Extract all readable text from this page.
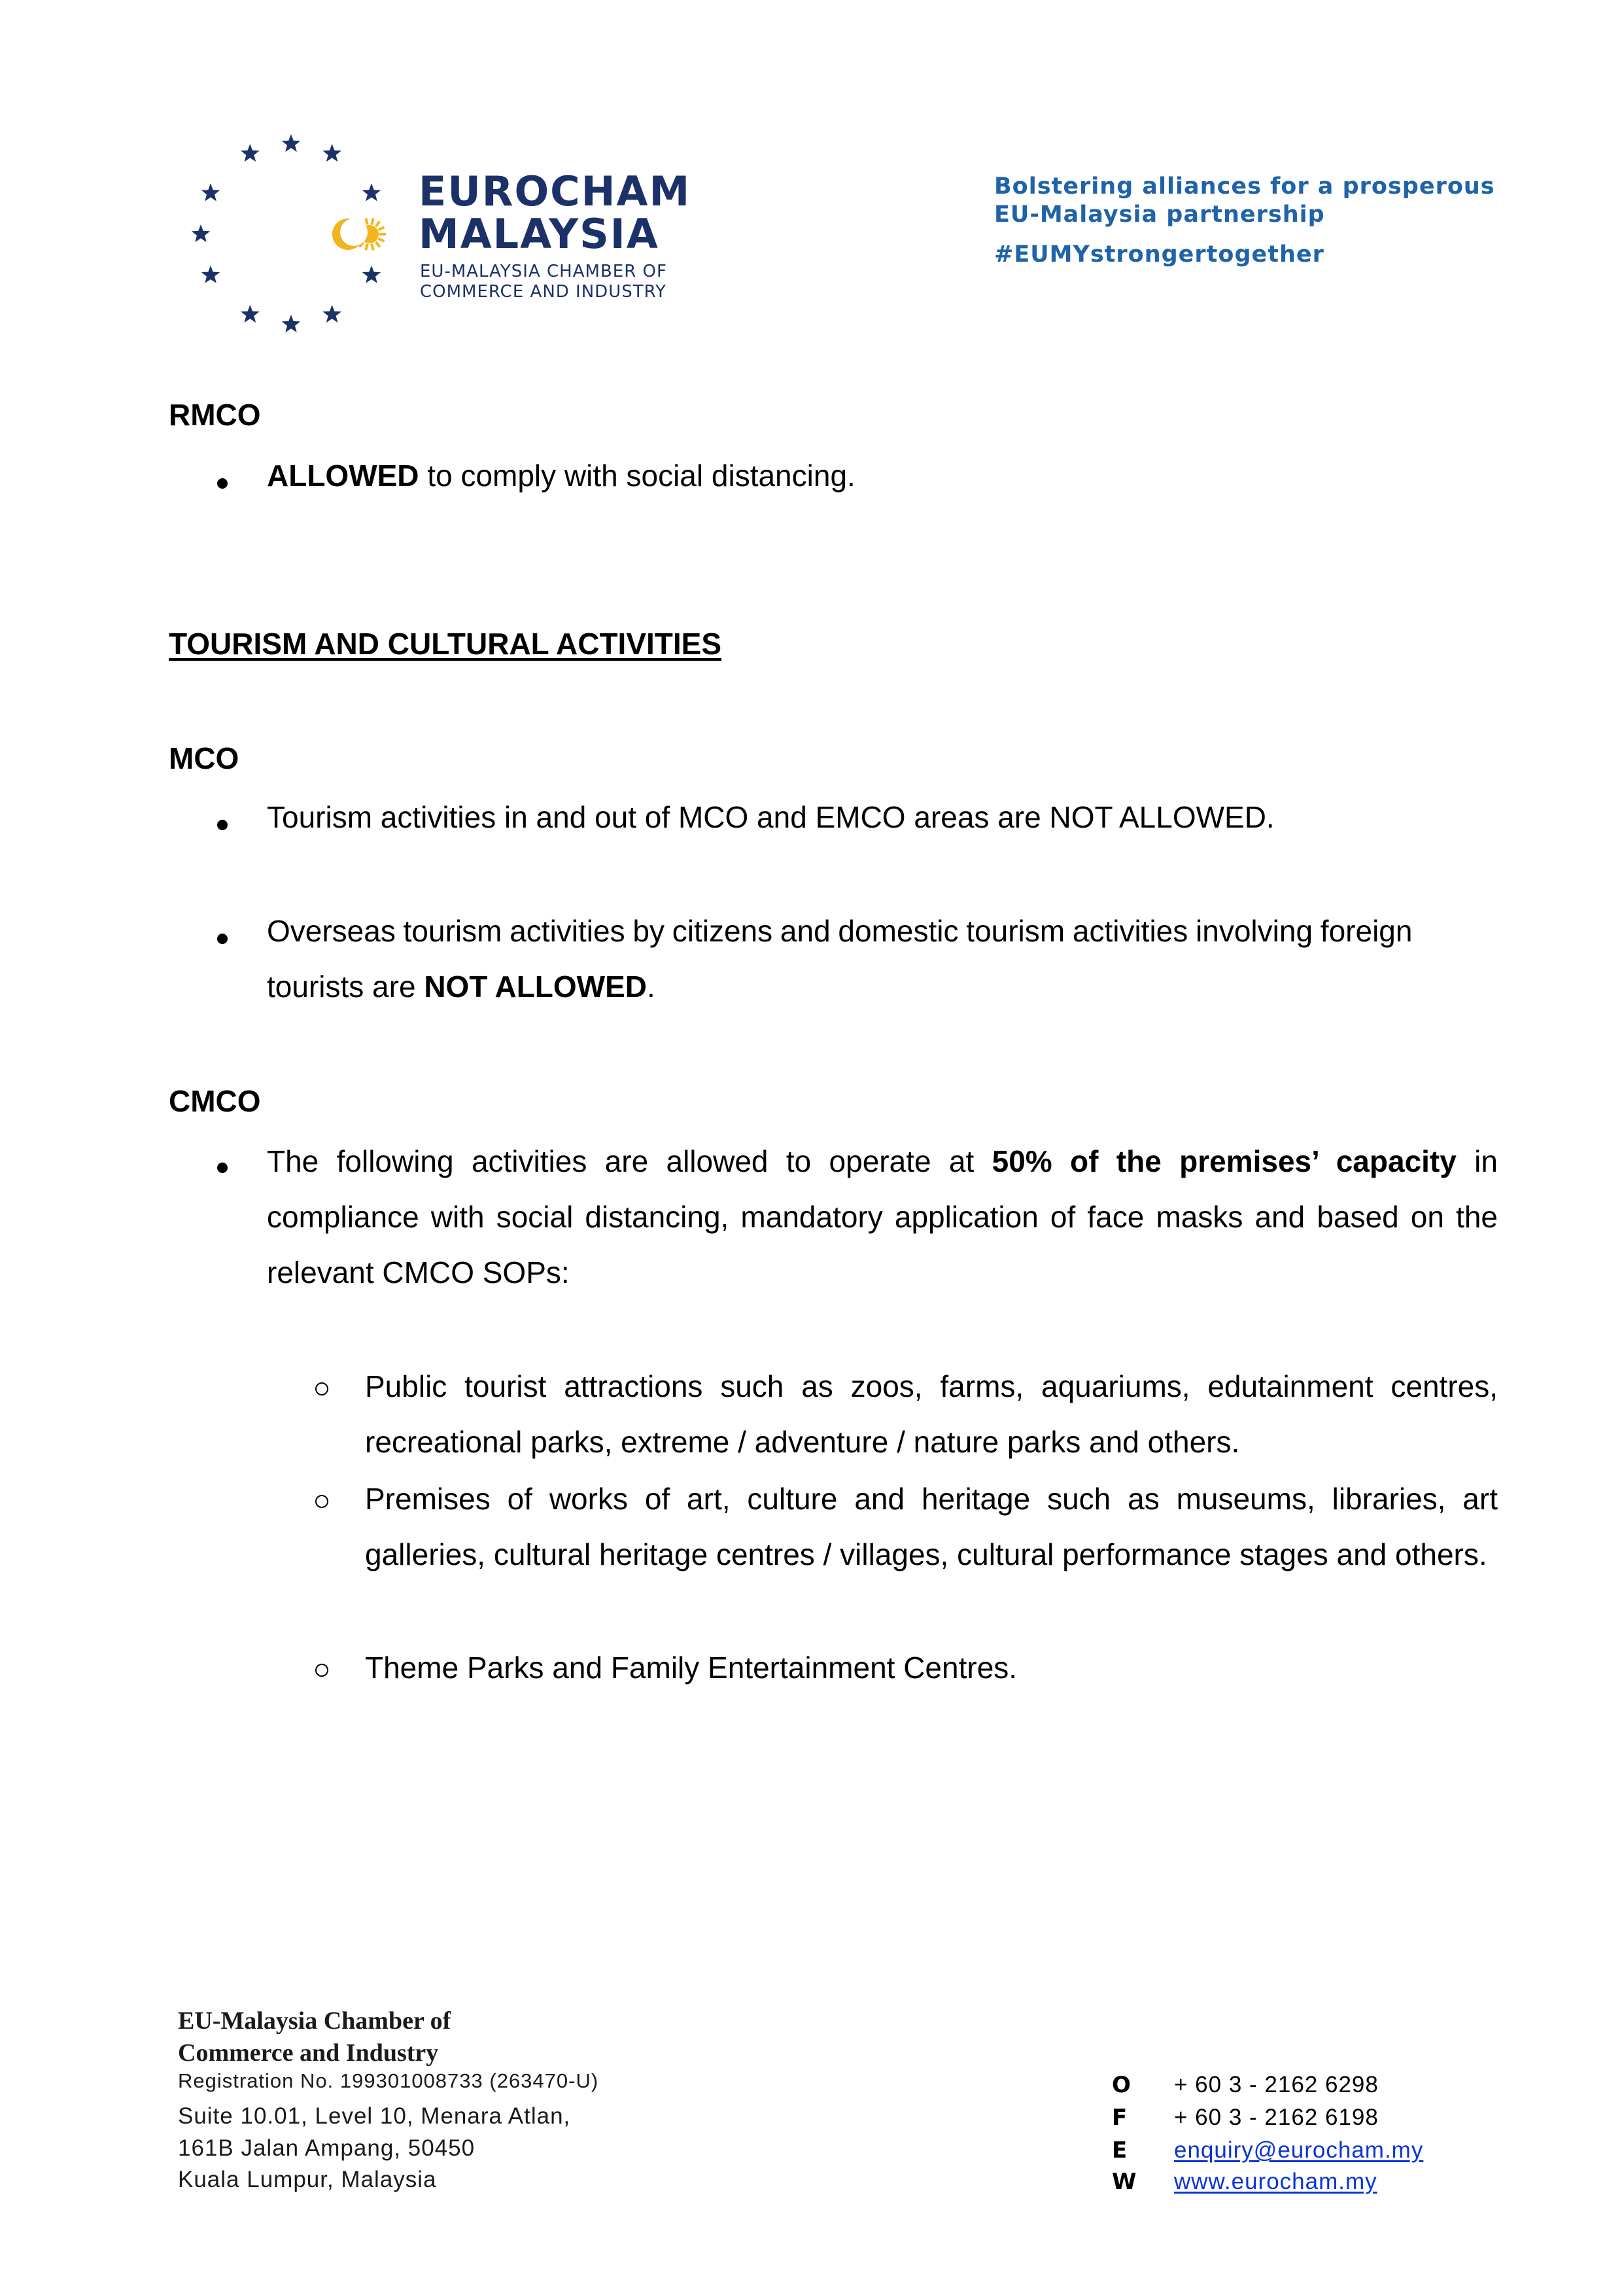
EUROCHAM
MALAYSIA
EU-MALAYSIA CHAMBER OF
COMMERCE AND INDUSTRY
Bolstering alliances for a prosperous
EU-Malaysia partnership
#EUMYstrongertogether
RMCO
ALLOWED to comply with social distancing.
TOURISM AND CULTURAL ACTIVITIES
MCO
Tourism activities in and out of MCO and EMCO areas are NOT ALLOWED.
Overseas tourism activities by citizens and domestic tourism activities involving foreign
tourists are NOT ALLOWED.
CMCO
The following activities are allowed to operate at 50% of the premises’ capacity in compliance with social distancing, mandatory application of face masks and based on the relevant CMCO SOPs:
Public tourist attractions such as zoos, farms, aquariums, edutainment centres, recreational parks, extreme / adventure / nature parks and others.
Premises of works of art, culture and heritage such as museums, libraries, art galleries, cultural heritage centres / villages, cultural performance stages and others.
Theme Parks and Family Entertainment Centres.
EU-Malaysia Chamber of
Commerce and Industry
Registration No. 199301008733 (263470-U)
Suite 10.01, Level 10, Menara Atlan,
161B Jalan Ampang, 50450
Kuala Lumpur, Malaysia
O + 60 3 - 2162 6298
F + 60 3 - 2162 6198
E enquiry@eurocham.my
W www.eurocham.my
